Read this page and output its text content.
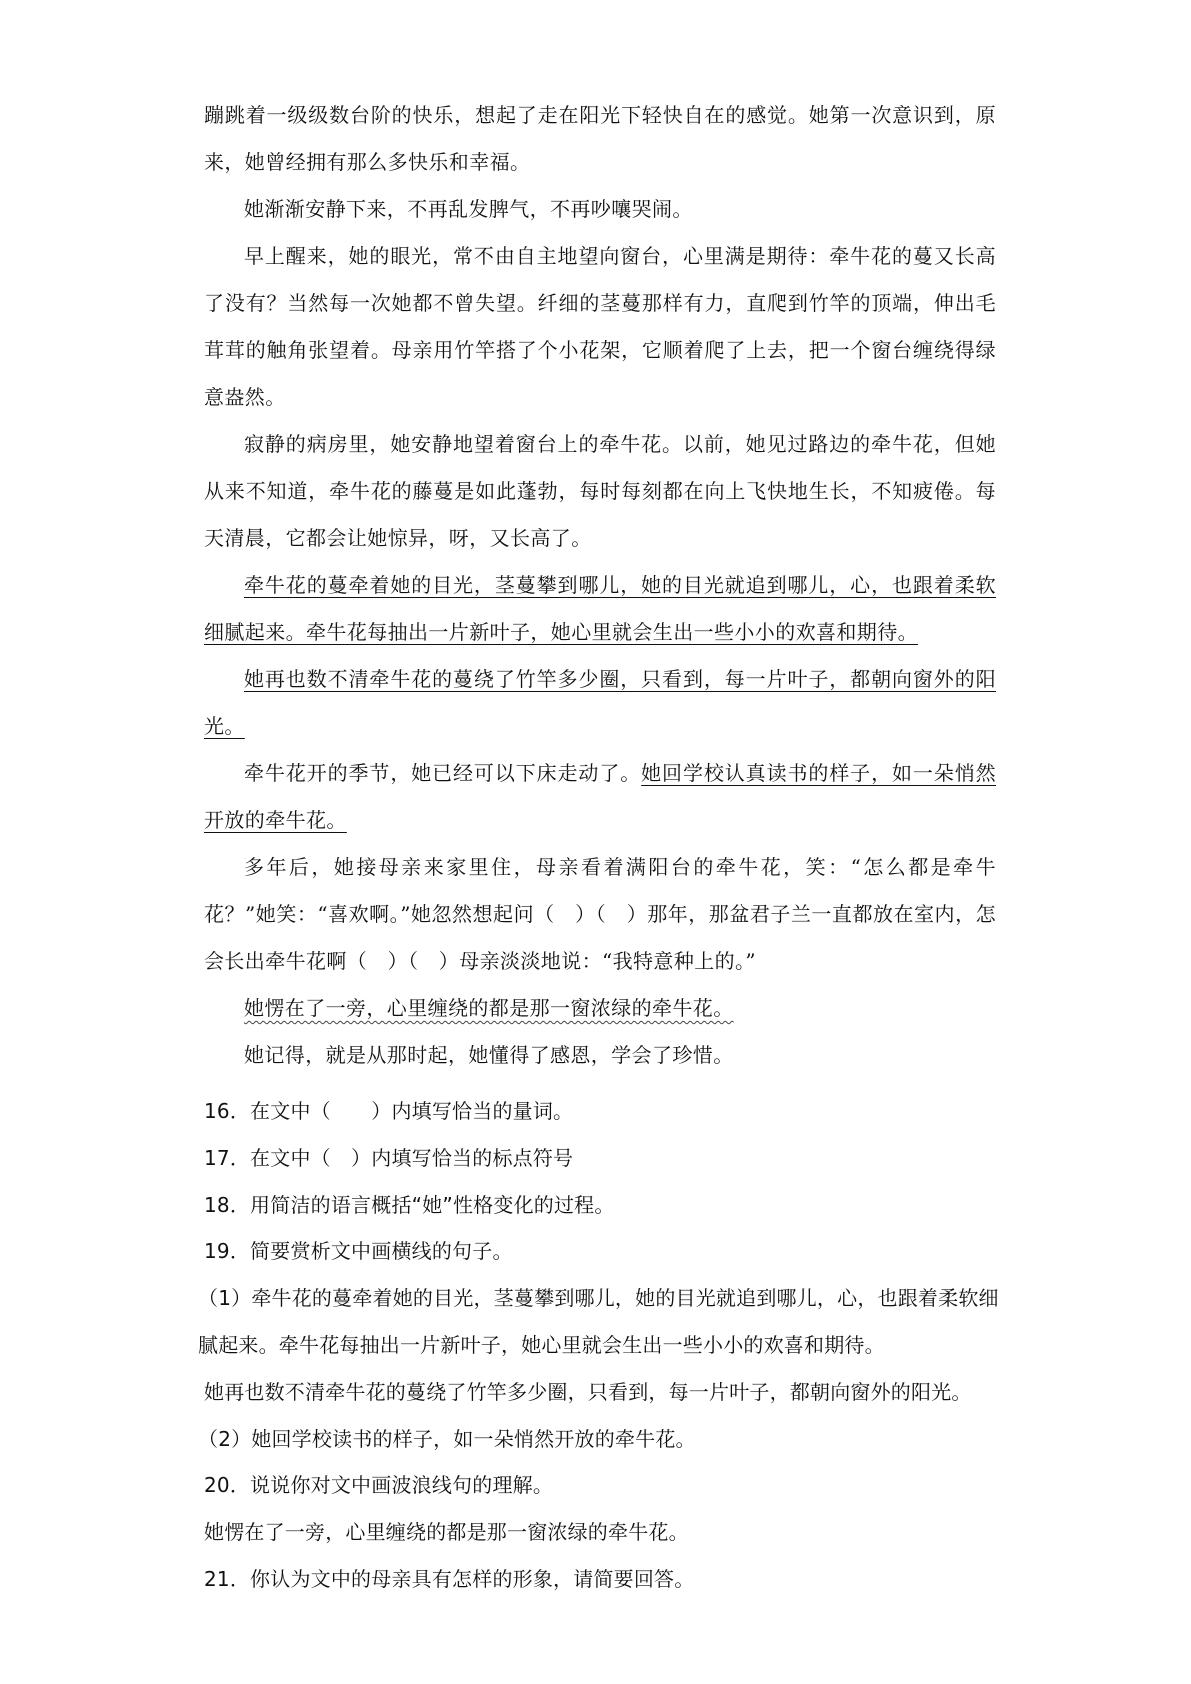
蹦跳着一级级数台阶的快乐，想起了走在阳光下轻快自在的感觉。她第一次意识到，原来，她曾经拥有那么多快乐和幸福。

她渐渐安静下来，不再乱发脾气，不再吵嚷哭闹。

早上醒来，她的眼光，常不由自主地望向窗台，心里满是期待：牵牛花的蔓又长高了没有？当然每一次她都不曾失望。纤细的茎蔓那样有力，直爬到竹竿的顶端，伸出毛茸茸的触角张望着。母亲用竹竿搭了个小花架，它顺着爬了上去，把一个窗台缠绕得绿意盎然。

寂静的病房里，她安静地望着窗台上的牵牛花。以前，她见过路边的牵牛花，但她从来不知道，牵牛花的藤蔓是如此蓬勃，每时每刻都在向上飞快地生长，不知疲倦。每天清晨，它都会让她惊异，呀，又长高了。

牵牛花的蔓牵着她的目光，茎蔓攀到哪儿，她的目光就追到哪儿，心，也跟着柔软细腻起来。牵牛花每抽出一片新叶子，她心里就会生出一些小小的欢喜和期待。

她再也数不清牵牛花的蔓绕了竹竿多少圈，只看到，每一片叶子，都朝向窗外的阳光。

牵牛花开的季节，她已经可以下床走动了。她回学校认真读书的样子，如一朵悄然开放的牵牛花。

多年后，她接母亲来家里住，母亲看着满阳台的牵牛花，笑：“怎么都是牵牛花？”她笑：“喜欢啊。”她忽然想起问（　）（　）那年，那盆君子兰一直都放在室内，怎会长出牵牛花啊（　）（　）母亲淡淡地说：“我特意种上的。”

她愣在了一旁，心里缠绕的都是那一窗浓绿的牵牛花。

她记得，就是从那时起，她懂得了感恩，学会了珍惜。

16．在文中（　　）内填写恰当的量词。

17．在文中（　）内填写恰当的标点符号

18．用简洁的语言概括“她”性格变化的过程。

19．简要赏析文中画横线的句子。

（1）牵牛花的蔓牵着她的目光，茎蔓攀到哪儿，她的目光就追到哪儿，心，也跟着柔软细腻起来。牵牛花每抽出一片新叶子，她心里就会生出一些小小的欢喜和期待。

她再也数不清牵牛花的蔓绕了竹竿多少圈，只看到，每一片叶子，都朝向窗外的阳光。

（2）她回学校读书的样子，如一朵悄然开放的牵牛花。

20．说说你对文中画波浪线句的理解。

她愣在了一旁，心里缠绕的都是那一窗浓绿的牵牛花。

21．你认为文中的母亲具有怎样的形象，请简要回答。
